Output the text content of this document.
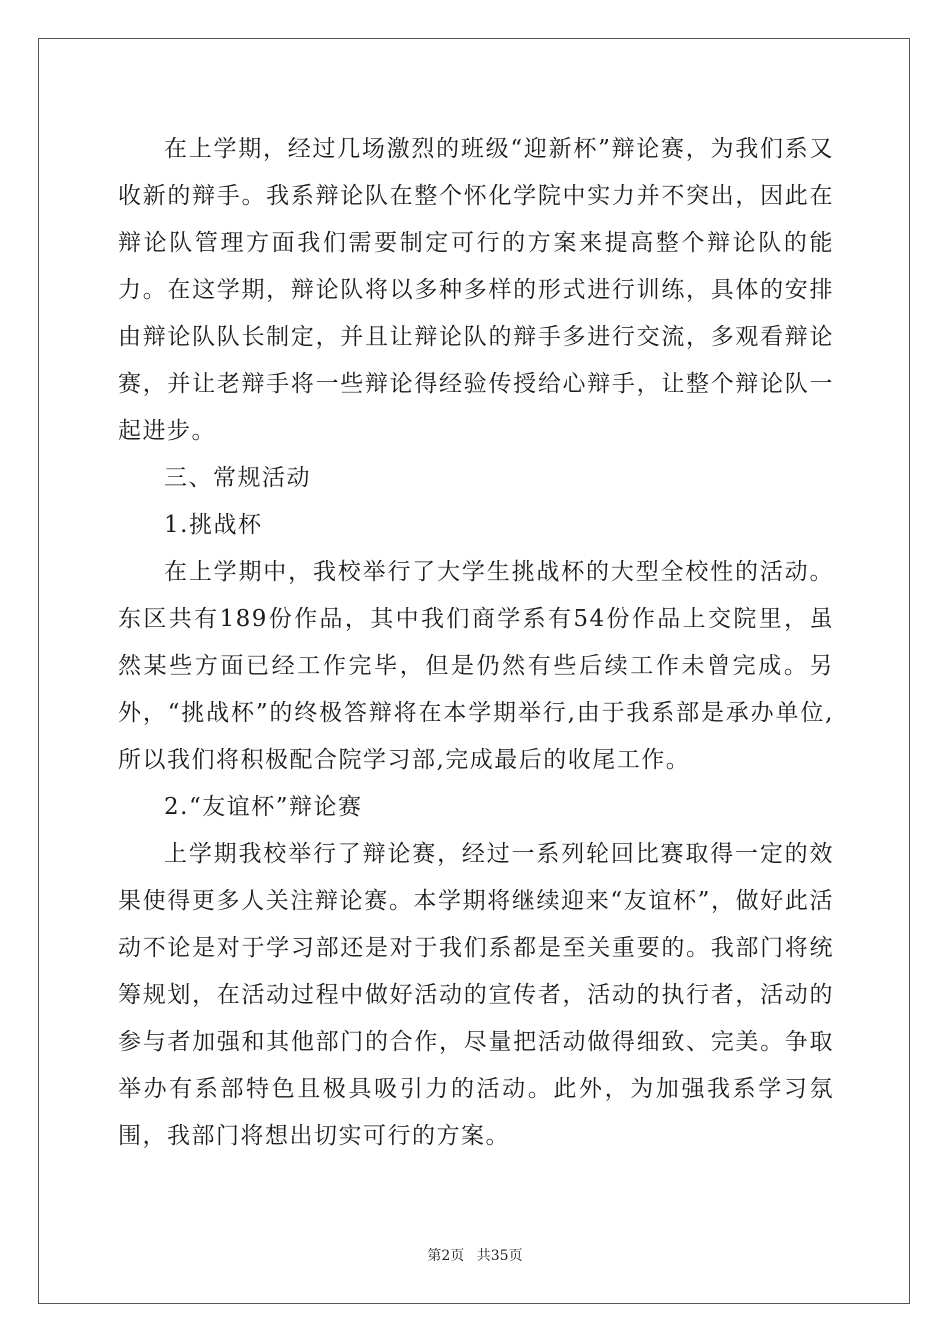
在上学期，经过几场激烈的班级“迎新杯”辩论赛，为我们系又收新的辩手。我系辩论队在整个怀化学院中实力并不突出，因此在辩论队管理方面我们需要制定可行的方案来提高整个辩论队的能力。在这学期，辩论队将以多种多样的形式进行训练，具体的安排由辩论队队长制定，并且让辩论队的辩手多进行交流，多观看辩论赛，并让老辩手将一些辩论得经验传授给心辩手，让整个辩论队一起进步。

三、常规活动

1.挑战杯

在上学期中，我校举行了大学生挑战杯的大型全校性的活动。东区共有189份作品，其中我们商学系有54份作品上交院里，虽然某些方面已经工作完毕，但是仍然有些后续工作未曾完成。另外，“挑战杯”的终极答辩将在本学期举行,由于我系部是承办单位,所以我们将积极配合院学习部,完成最后的收尾工作。

2.“友谊杯”辩论赛

上学期我校举行了辩论赛，经过一系列轮回比赛取得一定的效果使得更多人关注辩论赛。本学期将继续迎来“友谊杯”，做好此活动不论是对于学习部还是对于我们系都是至关重要的。我部门将统筹规划，在活动过程中做好活动的宣传者，活动的执行者，活动的参与者加强和其他部门的合作，尽量把活动做得细致、完美。争取举办有系部特色且极具吸引力的活动。此外，为加强我系学习氛围，我部门将想出切实可行的方案。

第2页 共35页
